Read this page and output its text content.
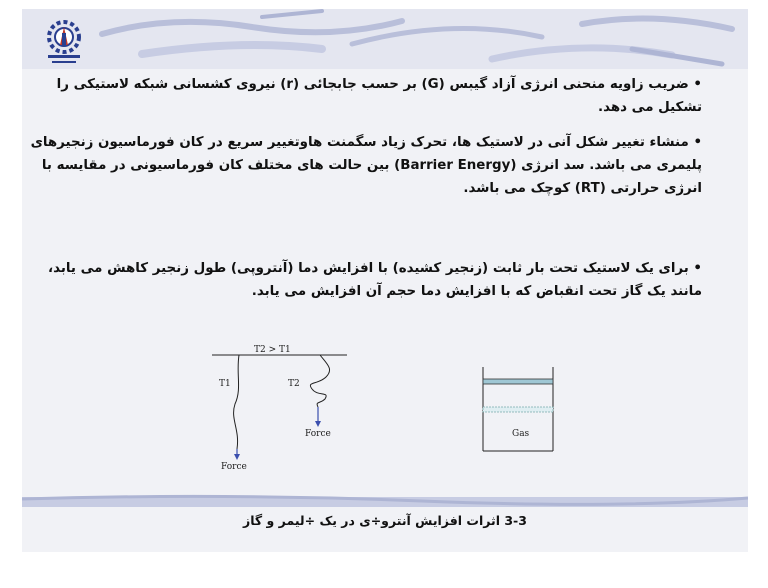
• ضریب زاویه منحنی انرژی آزاد گیبس (G) بر حسب جابجائی (r) نیروی کشسانی شبکه لاستیکی را تشکیل می دهد.
• منشاء تغییر شکل آنی در لاستیک ها، تحرک زیاد سگمنت هاوتغییر سریع در کان فورماسیون زنجیرهای پلیمری می باشد. سد انرژی (Barrier Energy) بین حالت های مختلف کان فورماسیونی در مقایسه با انرژی حرارتی (RT) کوچک می باشد.
• برای یک لاستیک تحت بار ثابت (زنجیر کشیده) با افزایش دما (آنتروپی) طول زنجیر کاهش می یابد، مانند یک گاز تحت انقباض که با افزایش دما حجم آن افزایش می یابد.
T2 > T1
T1
Force
T2
Force	Gas
3-3 اثرات افزایش آنترو÷ی در یک ÷لیمر و گاز
